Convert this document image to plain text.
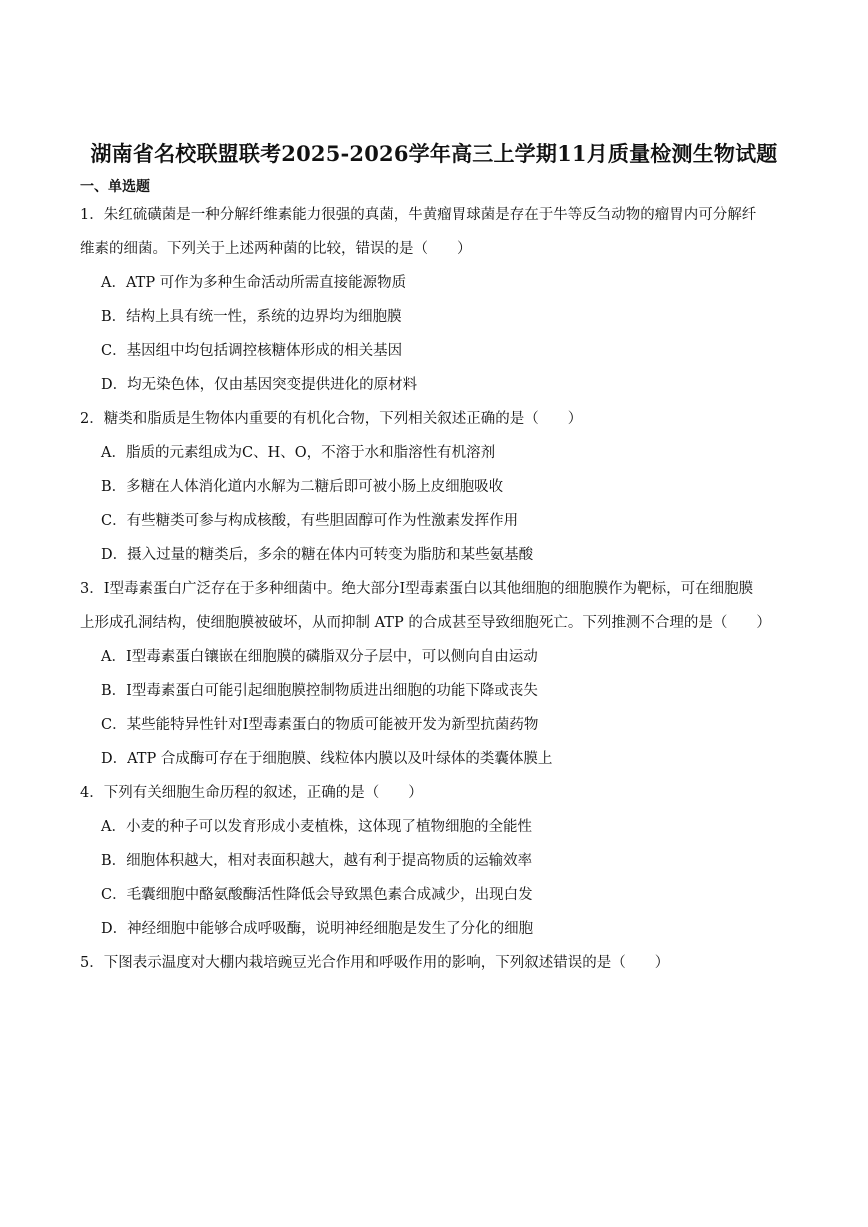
湖南省名校联盟联考2025-2026学年高三上学期11月质量检测生物试题
一、单选题
1．朱红硫磺菌是一种分解纤维素能力很强的真菌，牛黄瘤胃球菌是存在于牛等反刍动物的瘤胃内可分解纤
维素的细菌。下列关于上述两种菌的比较，错误的是（　　）
A．ATP 可作为多种生命活动所需直接能源物质
B．结构上具有统一性，系统的边界均为细胞膜
C．基因组中均包括调控核糖体形成的相关基因
D．均无染色体，仅由基因突变提供进化的原材料
2．糖类和脂质是生物体内重要的有机化合物，下列相关叙述正确的是（　　）
A．脂质的元素组成为C、H、O，不溶于水和脂溶性有机溶剂
B．多糖在人体消化道内水解为二糖后即可被小肠上皮细胞吸收
C．有些糖类可参与构成核酸，有些胆固醇可作为性激素发挥作用
D．摄入过量的糖类后，多余的糖在体内可转变为脂肪和某些氨基酸
3．I型毒素蛋白广泛存在于多种细菌中。绝大部分I型毒素蛋白以其他细胞的细胞膜作为靶标，可在细胞膜
上形成孔洞结构，使细胞膜被破坏，从而抑制 ATP 的合成甚至导致细胞死亡。下列推测不合理的是（　　）
A．I型毒素蛋白镶嵌在细胞膜的磷脂双分子层中，可以侧向自由运动
B．I型毒素蛋白可能引起细胞膜控制物质进出细胞的功能下降或丧失
C．某些能特异性针对I型毒素蛋白的物质可能被开发为新型抗菌药物
D．ATP 合成酶可存在于细胞膜、线粒体内膜以及叶绿体的类囊体膜上
4．下列有关细胞生命历程的叙述，正确的是（　　）
A．小麦的种子可以发育形成小麦植株，这体现了植物细胞的全能性
B．细胞体积越大，相对表面积越大，越有利于提高物质的运输效率
C．毛囊细胞中酪氨酸酶活性降低会导致黑色素合成减少，出现白发
D．神经细胞中能够合成呼吸酶，说明神经细胞是发生了分化的细胞
5．下图表示温度对大棚内栽培豌豆光合作用和呼吸作用的影响，下列叙述错误的是（　　）
